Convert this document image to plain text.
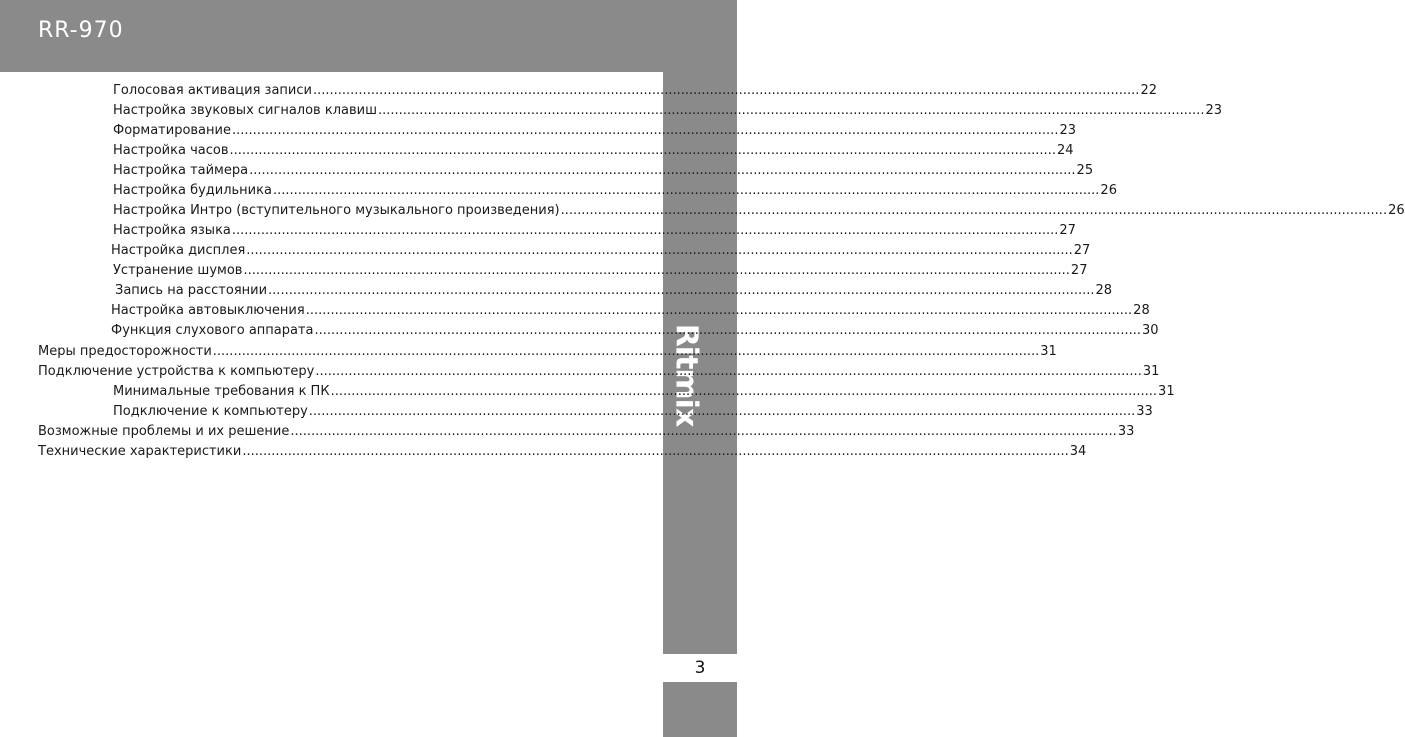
RR-970
Ritmix
3
Голосовая активация записи ........................................................................................................................................................................................................ 22
Настройка звуковых сигналов клавиш ........................................................................................................................................................................................................ 23
Форматирование ........................................................................................................................................................................................................ 23
Настройка часов ........................................................................................................................................................................................................ 24
Настройка таймера ........................................................................................................................................................................................................ 25
Настройка будильника ........................................................................................................................................................................................................ 26
Настройка Интро (вступительного музыкального произведения) ........................................................................................................................................................................................................ 26
Настройка языка ........................................................................................................................................................................................................ 27
Настройка дисплея ........................................................................................................................................................................................................ 27
Устранение шумов ........................................................................................................................................................................................................ 27
Запись на расстоянии ........................................................................................................................................................................................................ 28
Настройка автовыключения ........................................................................................................................................................................................................ 28
Функция слухового аппарата ........................................................................................................................................................................................................ 30
Меры предосторожности ........................................................................................................................................................................................................ 31
Подключение устройства к компьютеру ........................................................................................................................................................................................................ 31
Минимальные требования к ПК ........................................................................................................................................................................................................ 31
Подключение к компьютеру ........................................................................................................................................................................................................ 33
Возможные проблемы и их решение ........................................................................................................................................................................................................ 33
Технические характеристики ........................................................................................................................................................................................................ 34
